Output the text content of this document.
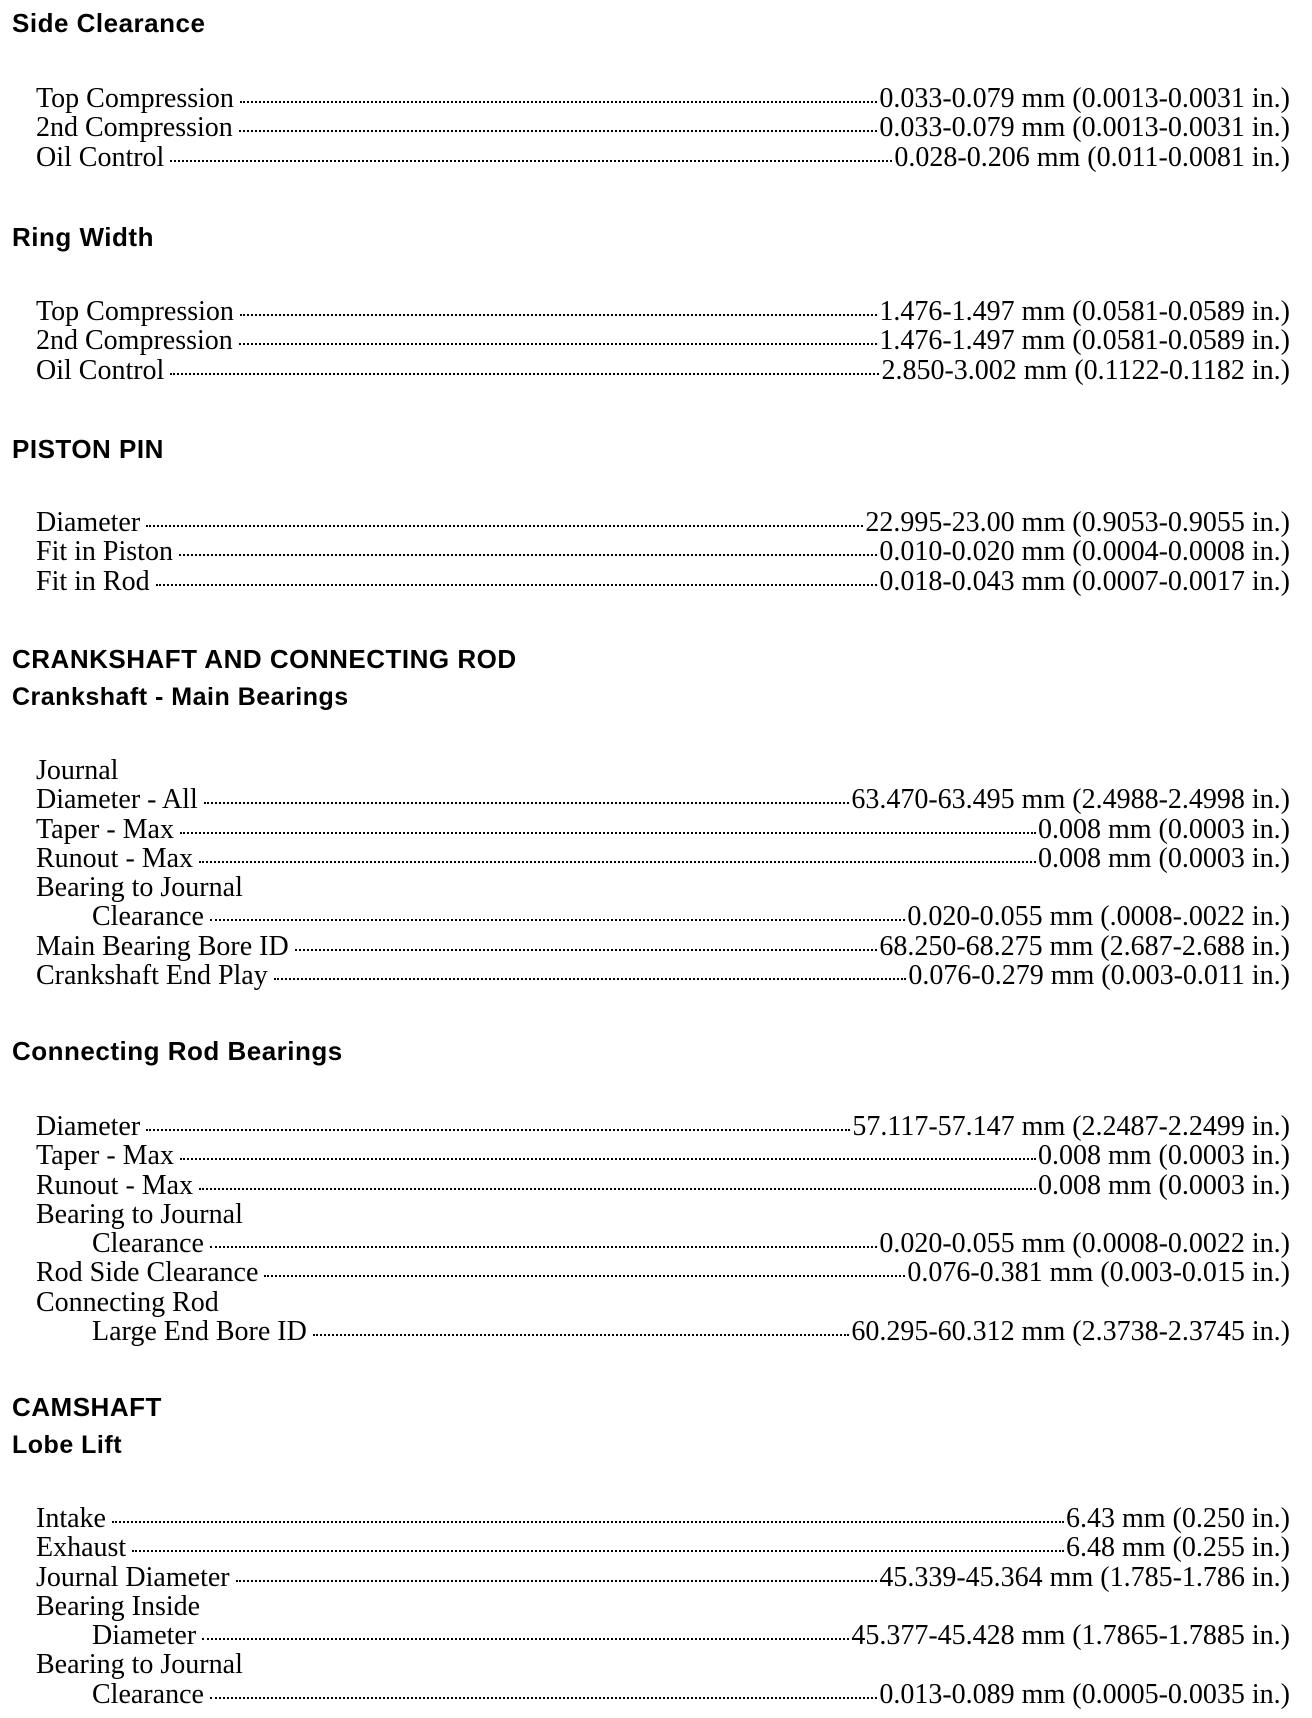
Side Clearance
Top Compression	0.033-0.079 mm (0.0013-0.0031 in.)
2nd Compression	0.033-0.079 mm (0.0013-0.0031 in.)
Oil Control	0.028-0.206 mm (0.011-0.0081 in.)
Ring Width
Top Compression	1.476-1.497 mm (0.0581-0.0589 in.)
2nd Compression	1.476-1.497 mm (0.0581-0.0589 in.)
Oil Control	2.850-3.002 mm (0.1122-0.1182 in.)
PISTON PIN
Diameter	22.995-23.00 mm (0.9053-0.9055 in.)
Fit in Piston	0.010-0.020 mm (0.0004-0.0008 in.)
Fit in Rod	0.018-0.043 mm (0.0007-0.0017 in.)
CRANKSHAFT AND CONNECTING ROD
Crankshaft - Main Bearings
Journal
Diameter - All	63.470-63.495 mm (2.4988-2.4998 in.)
Taper - Max	0.008 mm (0.0003 in.)
Runout - Max	0.008 mm (0.0003 in.)
Bearing to Journal
Clearance	0.020-0.055 mm (.0008-.0022 in.)
Main Bearing Bore ID	68.250-68.275 mm (2.687-2.688 in.)
Crankshaft End Play	0.076-0.279 mm (0.003-0.011 in.)
Connecting Rod Bearings
Diameter	57.117-57.147 mm (2.2487-2.2499 in.)
Taper - Max	0.008 mm (0.0003 in.)
Runout - Max	0.008 mm (0.0003 in.)
Bearing to Journal
Clearance	0.020-0.055 mm (0.0008-0.0022 in.)
Rod Side Clearance	0.076-0.381 mm (0.003-0.015 in.)
Connecting Rod
Large End Bore ID	60.295-60.312 mm (2.3738-2.3745 in.)
CAMSHAFT
Lobe Lift
Intake	6.43 mm (0.250 in.)
Exhaust	6.48 mm (0.255 in.)
Journal Diameter	45.339-45.364 mm (1.785-1.786 in.)
Bearing Inside
Diameter	45.377-45.428 mm (1.7865-1.7885 in.)
Bearing to Journal
Clearance	0.013-0.089 mm (0.0005-0.0035 in.)
